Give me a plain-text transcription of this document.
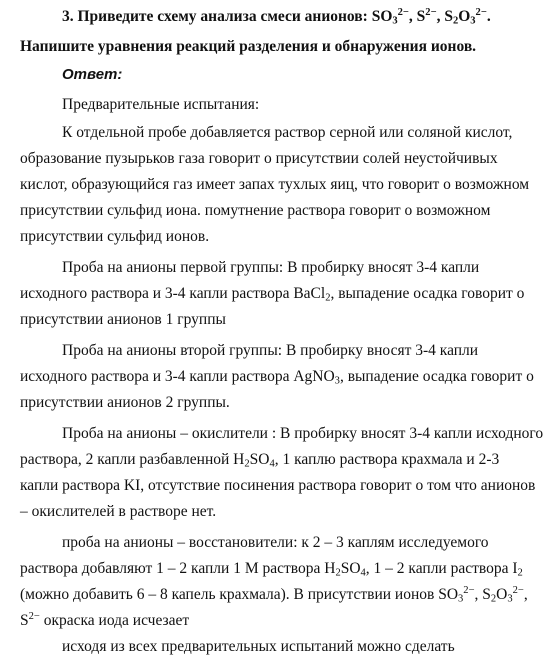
3. Приведите схему анализа смеси анионов: $SO_3^{2-}$, $S^{2-}$, $S_2O_3^{2-}$.
Напишите уравнения реакций разделения и обнаружения ионов.
Ответ:
Предварительные испытания:
К отдельной пробе добавляется раствор серной или соляной кислот,
образование пузырьков газа говорит о присутствии солей неустойчивых
кислот, образующийся газ имеет запах тухлых яиц, что говорит о возможном
присутствии сульфид иона. помутнение раствора говорит о возможном
присутствии сульфид ионов.
Проба на анионы первой группы: В пробирку вносят 3-4 капли
исходного раствора и 3-4 капли раствора BaCl$_2$, выпадение осадка говорит о
присутствии анионов 1 группы
Проба на анионы второй группы: В пробирку вносят 3-4 капли
исходного раствора и 3-4 капли раствора AgNO$_3$, выпадение осадка говорит о
присутствии анионов 2 группы.
Проба на анионы – окислители : В пробирку вносят 3-4 капли исходного
раствора, 2 капли разбавленной $H_2SO_4$, 1 каплю раствора крахмала и 2-3
капли раствора KI, отсутствие посинения раствора говорит о том что анионов
– окислителей в растворе нет.
проба на анионы – восстановители: к 2 – 3 каплям исследуемого
раствора добавляют 1 – 2 капли 1 M раствора $H_2SO_4$, 1 – 2 капли раствора $I_2$
(можно добавить 6 – 8 капель крахмала). В присутствии ионов $SO_3^{2-}$, $S_2O_3^{2-}$,
$S^{2-}$ окраска иода исчезает
исходя из всех предварительных испытаний можно сделать
